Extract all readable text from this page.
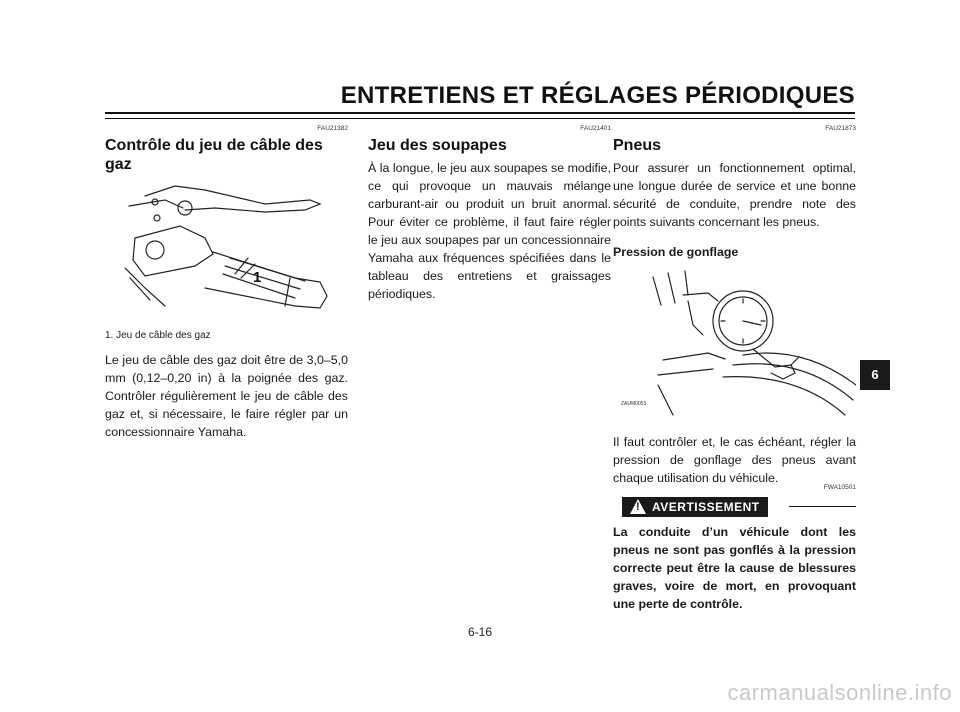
ENTRETIENS ET RÉGLAGES PÉRIODIQUES
FAU21382
Contrôle du jeu de câble des gaz
1
1. Jeu de câble des gaz

Le jeu de câble des gaz doit être de 3,0–5,0 mm (0,12–0,20 in) à la poignée des gaz. Contrôler régulièrement le jeu de câble des gaz et, si nécessaire, le faire régler par un concessionnaire Yamaha.

FAU21401
Jeu des soupapes

À la longue, le jeu aux soupapes se modifie, ce qui provoque un mauvais mélange carburant-air ou produit un bruit anormal. Pour éviter ce problème, il faut faire régler le jeu aux soupapes par un concessionnaire Yamaha aux fréquences spécifiées dans le tableau des entretiens et graissages périodiques.

FAU21873
Pneus

Pour assurer un fonctionnement optimal, une longue durée de service et une bonne sécurité de conduite, prendre note des points suivants concernant les pneus.

Pression de gonflage
ZAUM0053

Il faut contrôler et, le cas échéant, régler la pression de gonflage des pneus avant chaque utilisation du véhicule.

FWA10501
! AVERTISSEMENT

La conduite d’un véhicule dont les pneus ne sont pas gonflés à la pression correcte peut être la cause de blessures graves, voire de mort, en provoquant une perte de contrôle.

6-16
6
carmanualsonline.info
